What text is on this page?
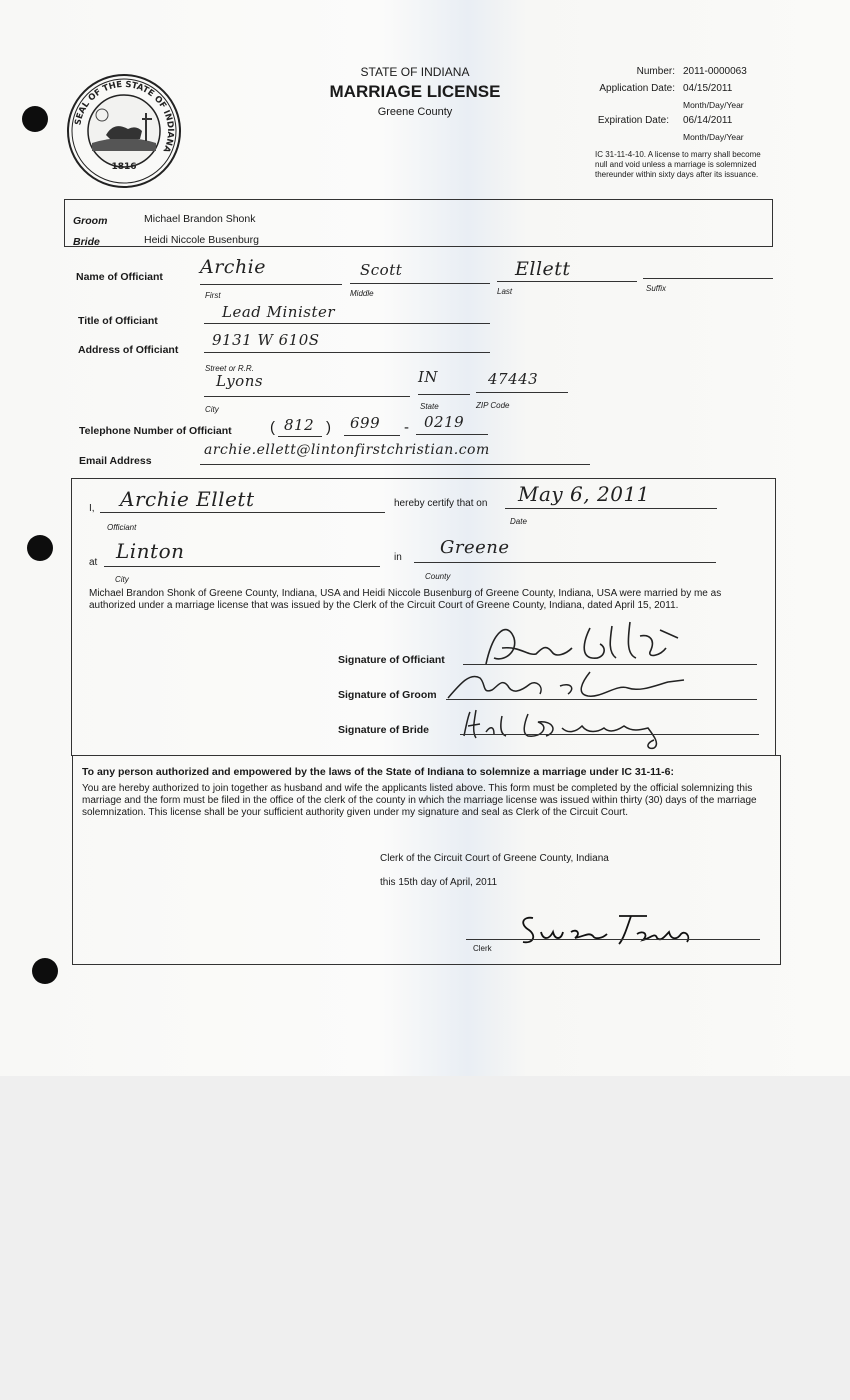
SEAL OF THE STATE OF INDIANA
1816
STATE OF INDIANA
MARRIAGE LICENSE
Greene County
Number: 2011-0000063
Application Date: 04/15/2011
Month/Day/Year
Expiration Date: 06/14/2011
Month/Day/Year
IC 31-11-4-10. A license to marry shall become null and void unless a marriage is solemnized thereunder within sixty days after its issuance.
Groom	Michael Brandon Shonk
Bride	Heidi Niccole Busenburg
Name of Officiant Archie	Scott	Ellett
First	Middle	Last	Suffix
Title of Officiant	Lead Minister
Address of Officiant
9131 W 610S
Street or R.R.
Lyons	IN	47443
City	State	ZIP Code
Telephone Number of Officiant	( 812 ) 699 - 0219
Email Address
archie.ellett@lintonfirstchristian.com
I, Archie Ellett
Officiant
hereby certify that on May 6, 2011
Date
at Linton
City
in Greene
County
Michael Brandon Shonk of Greene County, Indiana, USA and Heidi Niccole Busenburg of Greene County, Indiana, USA were married by me as authorized under a marriage license that was issued by the Clerk of the Circuit Court of Greene County, Indiana, dated April 15, 2011.
Signature of Officiant
Signature of Groom
Signature of Bride
To any person authorized and empowered by the laws of the State of Indiana to solemnize a marriage under IC 31-11-6:
You are hereby authorized to join together as husband and wife the applicants listed above. This form must be completed by the official solemnizing this marriage and the form must be filed in the office of the clerk of the county in which the marriage license was issued within thirty (30) days of the marriage solemnization. This license shall be your sufficient authority given under my signature and seal as Clerk of the Circuit Court.
Clerk of the Circuit Court of Greene County, Indiana
this 15th day of April, 2011
Clerk
